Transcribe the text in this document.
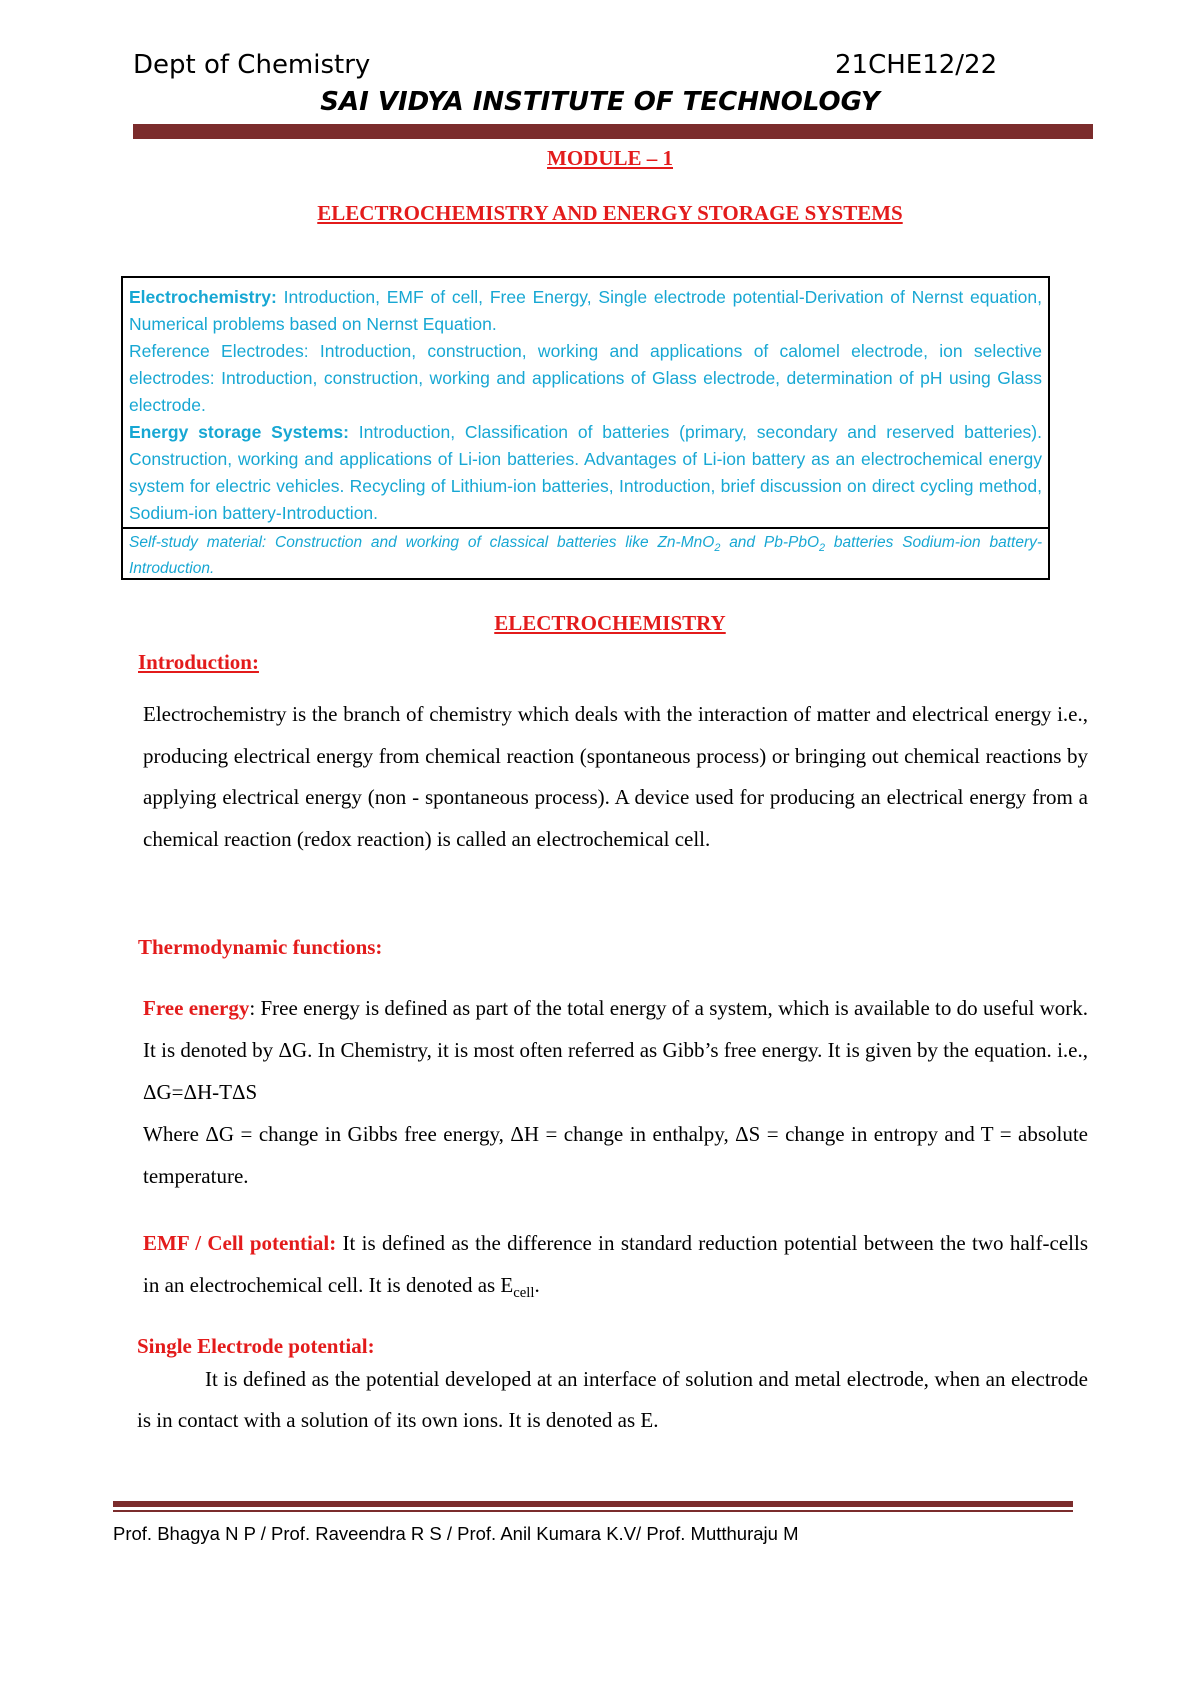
Dept of Chemistry	21CHE12/22
SAI VIDYA INSTITUTE OF TECHNOLOGY
MODULE – 1
ELECTROCHEMISTRY AND ENERGY STORAGE SYSTEMS

Electrochemistry: Introduction, EMF of cell, Free Energy, Single electrode potential-Derivation of Nernst equation, Numerical problems based on Nernst Equation.

Reference Electrodes: Introduction, construction, working and applications of calomel electrode, ion selective electrodes: Introduction, construction, working and applications of Glass electrode, determination of pH using Glass electrode.

Energy storage Systems: Introduction, Classification of batteries (primary, secondary and reserved batteries). Construction, working and applications of Li-ion batteries. Advantages of Li-ion battery as an electrochemical energy system for electric vehicles. Recycling of Lithium-ion batteries, Introduction, brief discussion on direct cycling method, Sodium-ion battery-Introduction.

Self-study material: Construction and working of classical batteries like Zn-MnO$_2$ and Pb-PbO$_2$ batteries Sodium-ion battery-Introduction.
ELECTROCHEMISTRY
Introduction:

Electrochemistry is the branch of chemistry which deals with the interaction of matter and electrical energy i.e., producing electrical energy from chemical reaction (spontaneous process) or bringing out chemical reactions by applying electrical energy (non - spontaneous process). A device used for producing an electrical energy from a chemical reaction (redox reaction) is called an electrochemical cell.

Thermodynamic functions:

Free energy: Free energy is defined as part of the total energy of a system, which is available to do useful work. It is denoted by ΔG. In Chemistry, it is most often referred as Gibb’s free energy. It is given by the equation. i.e., ΔG=ΔH-TΔS

Where ΔG = change in Gibbs free energy, ΔH = change in enthalpy, ΔS = change in entropy and T = absolute temperature.

EMF / Cell potential: It is defined as the difference in standard reduction potential between the two half-cells in an electrochemical cell. It is denoted as $E_{cell}$.

Single Electrode potential:

It is defined as the potential developed at an interface of solution and metal electrode, when an electrode is in contact with a solution of its own ions. It is denoted as E.

Prof. Bhagya N P / Prof. Raveendra R S / Prof. Anil Kumara K.V/ Prof. Mutthuraju M
